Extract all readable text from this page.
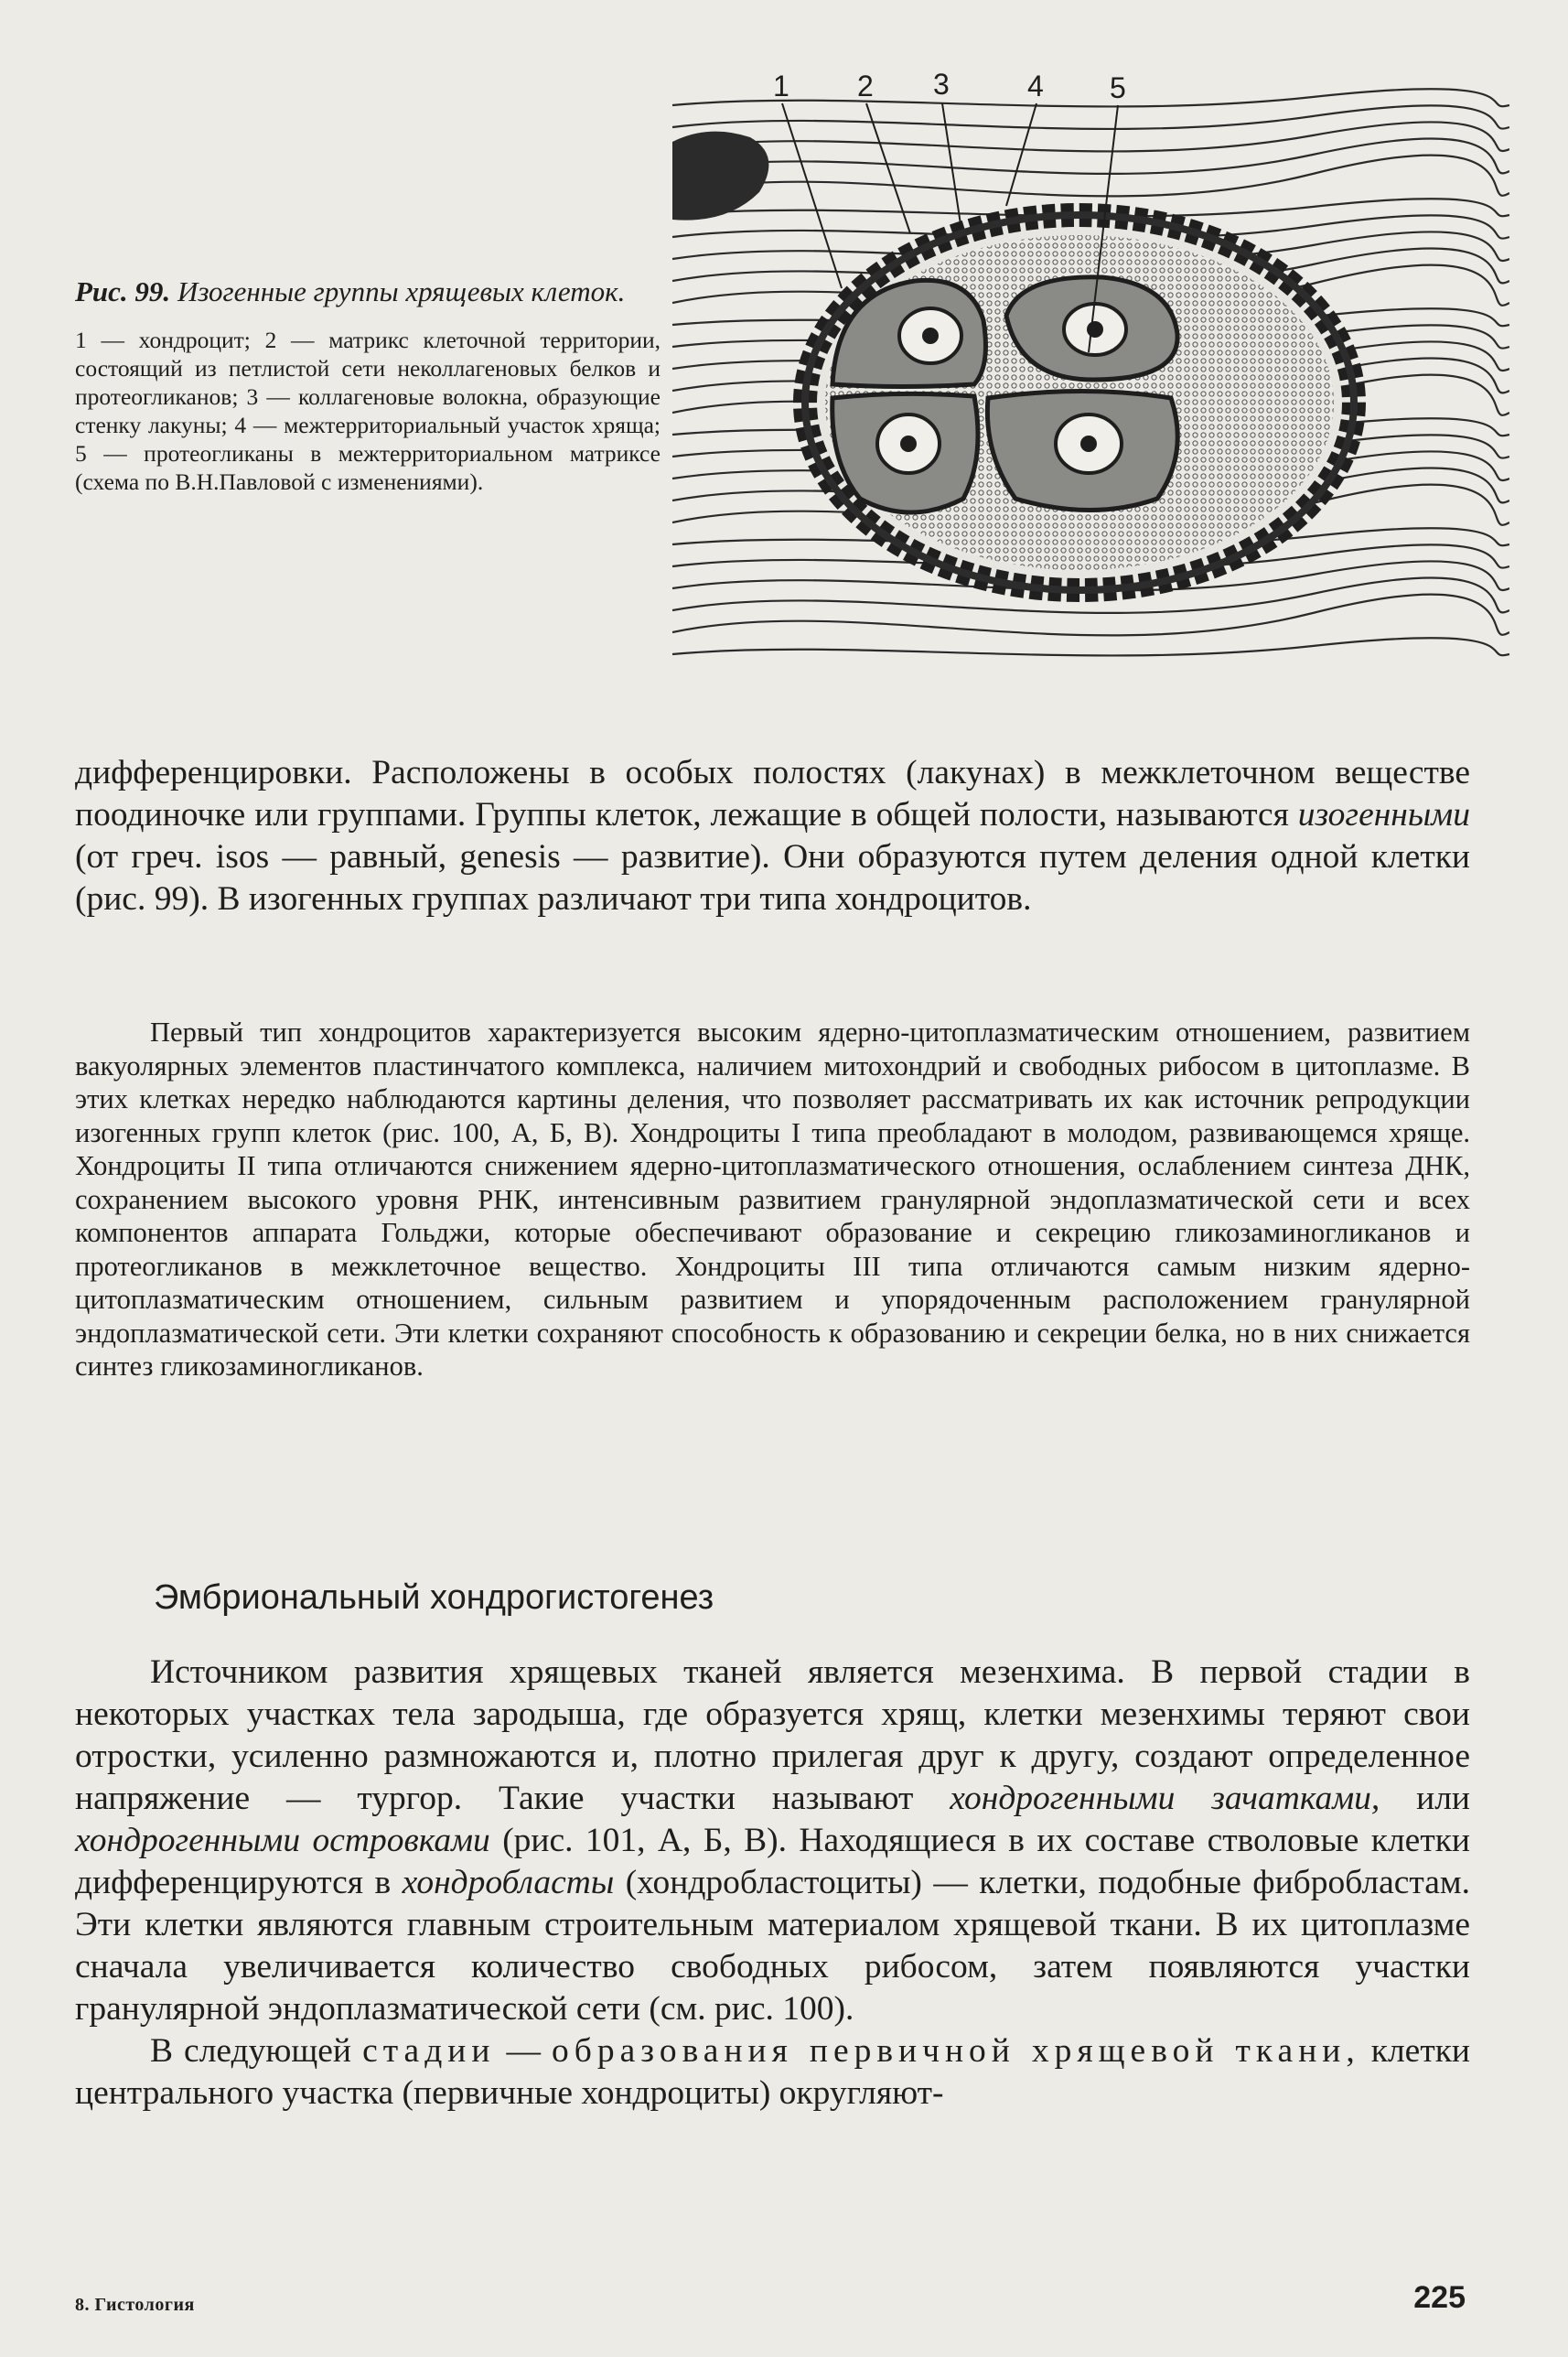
Рис. 99. Изогенные группы хрящевых клеток.

1 — хондроцит; 2 — матрикс клеточной территории, состоящий из петлистой сети неколлагеновых белков и протеогликанов; 3 — коллагеновые волокна, образующие стенку лакуны; 4 — межтерриториальный участок хряща; 5 — протеогликаны в межтерриториальном матриксе (схема по В.Н.Павловой с изменениями).

1 2 3	4 5

дифференцировки. Расположены в особых полостях (лакунах) в межклеточном веществе поодиночке или группами. Группы клеток, лежащие в общей полости, называются изогенными (от греч. isos — равный, genesis — развитие). Они образуются путем деления одной клетки (рис. 99). В изогенных группах различают три типа хондроцитов.

Первый тип хондроцитов характеризуется высоким ядерно-цитоплазматическим отношением, развитием вакуолярных элементов пластинчатого комплекса, наличием митохондрий и свободных рибосом в цитоплазме. В этих клетках нередко наблюдаются картины деления, что позволяет рассматривать их как источник репродукции изогенных групп клеток (рис. 100, А, Б, В). Хондроциты I типа преобладают в молодом, развивающемся хряще. Хондроциты II типа отличаются снижением ядерно-цитоплазматического отношения, ослаблением синтеза ДНК, сохранением высокого уровня РНК, интенсивным развитием гранулярной эндоплазматической сети и всех компонентов аппарата Гольджи, которые обеспечивают образование и секрецию гликозаминогликанов и протеогликанов в межклеточное вещество. Хондроциты III типа отличаются самым низким ядерно-цитоплазматическим отношением, сильным развитием и упорядоченным расположением гранулярной эндоплазматической сети. Эти клетки сохраняют способность к образованию и секреции белка, но в них снижается синтез гликозаминогликанов.

Эмбриональный хондрогистогенез

Источником развития хрящевых тканей является мезенхима. В первой стадии в некоторых участках тела зародыша, где образуется хрящ, клетки мезенхимы теряют свои отростки, усиленно размножаются и, плотно прилегая друг к другу, создают определенное напряжение — тургор. Такие участки называют хондрогенными зачатками, или хондрогенными островками (рис. 101, А, Б, В). Находящиеся в их составе стволовые клетки дифференцируются в хондробласты (хондробластоциты) — клетки, подобные фибробластам. Эти клетки являются главным строительным материалом хрящевой ткани. В их цитоплазме сначала увеличивается количество свободных рибосом, затем появляются участки гранулярной эндоплазматической сети (см. рис. 100).

В следующей стадии — образования первичной хрящевой ткани, клетки центрального участка (первичные хондроциты) округляют-

8. Гистология	225
